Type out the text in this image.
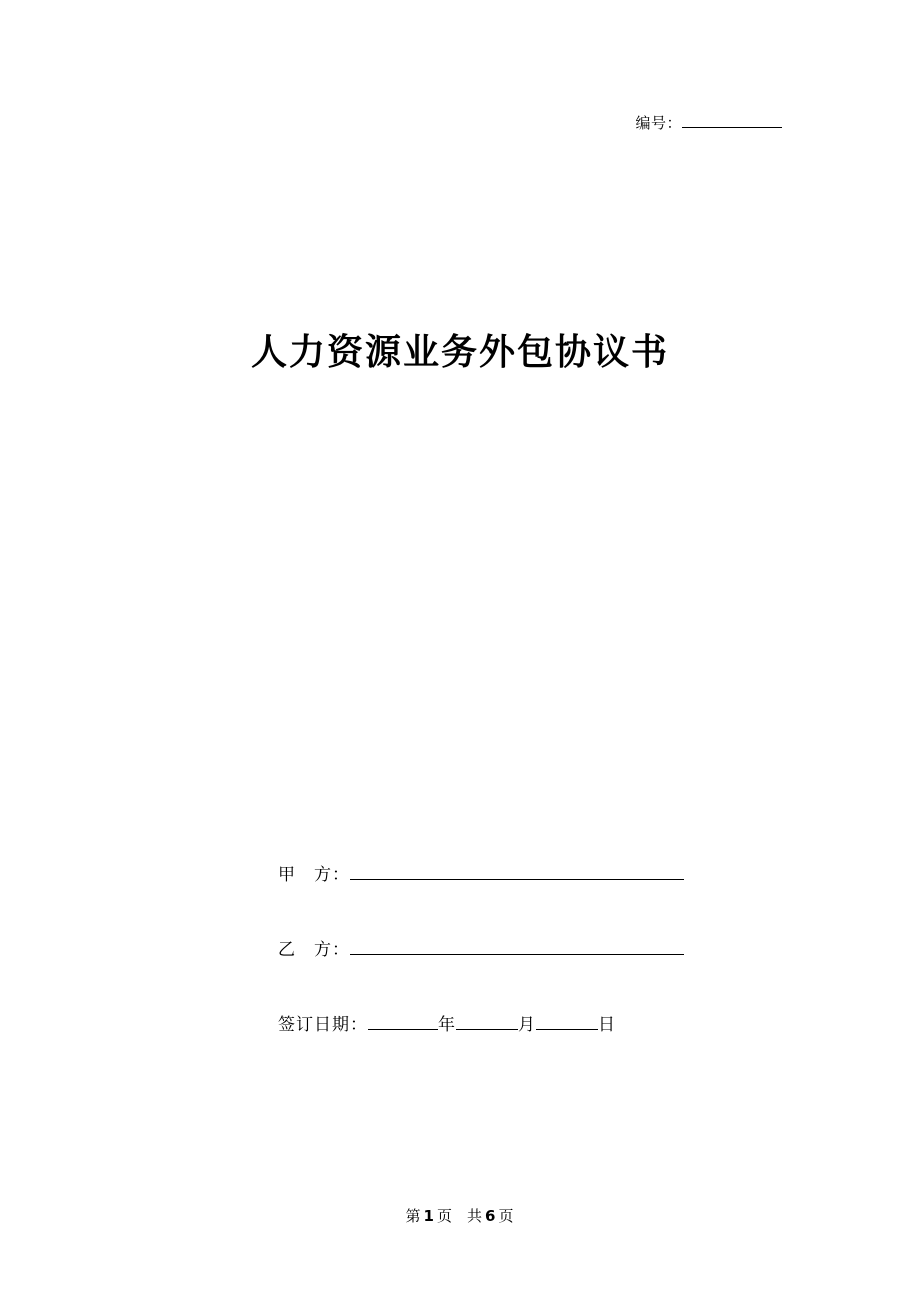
编号：
人力资源业务外包协议书
甲　方：
乙　方：
签订日期：	年	月	日
第 1 页 共 6 页
